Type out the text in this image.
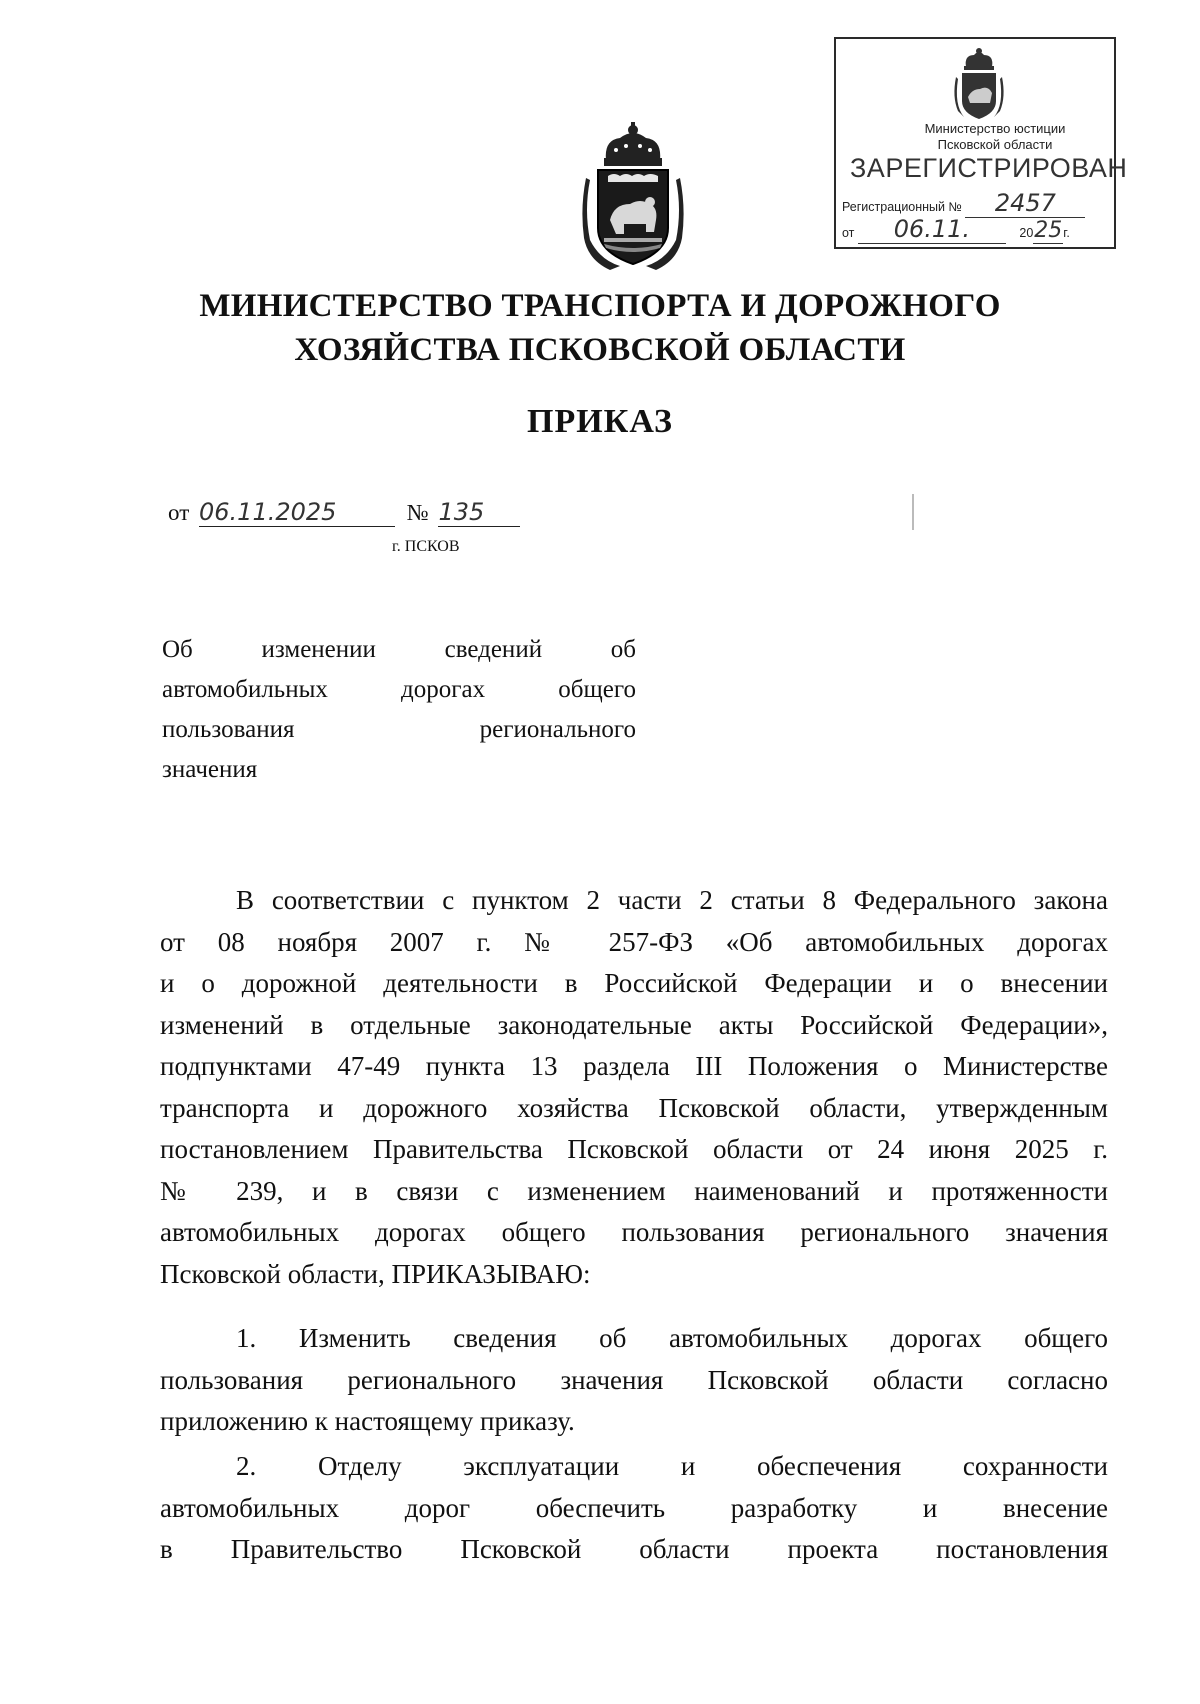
Министерство юстиции
Псковской области
ЗАРЕГИСТРИРОВАН
Регистрационный № 2457
от 06.11.	2025г.
МИНИСТЕРСТВО ТРАНСПОРТА И ДОРОЖНОГО
ХОЗЯЙСТВА ПСКОВСКОЙ ОБЛАСТИ
ПРИКАЗ
от 06.11.2025	№ 135
г. ПСКОВ
Об изменении сведений об
автомобильных дорогах общего
пользования регионального
значения
В соответствии с пунктом 2 части 2 статьи 8 Федерального закона
от 08 ноября 2007 г. № 257-ФЗ «Об автомобильных дорогах
и о дорожной деятельности в Российской Федерации и о внесении
изменений в отдельные законодательные акты Российской Федерации»,
подпунктами 47-49 пункта 13 раздела III Положения о Министерстве
транспорта и дорожного хозяйства Псковской области, утвержденным
постановлением Правительства Псковской области от 24 июня 2025 г.
№ 239, и в связи с изменением наименований и протяженности
автомобильных дорогах общего пользования регионального значения
Псковской области, ПРИКАЗЫВАЮ:
1. Изменить сведения об автомобильных дорогах общего
пользования регионального значения Псковской области согласно
приложению к настоящему приказу.
2. Отделу эксплуатации и обеспечения сохранности
автомобильных дорог обеспечить разработку и внесение
в Правительство Псковской области проекта постановления
